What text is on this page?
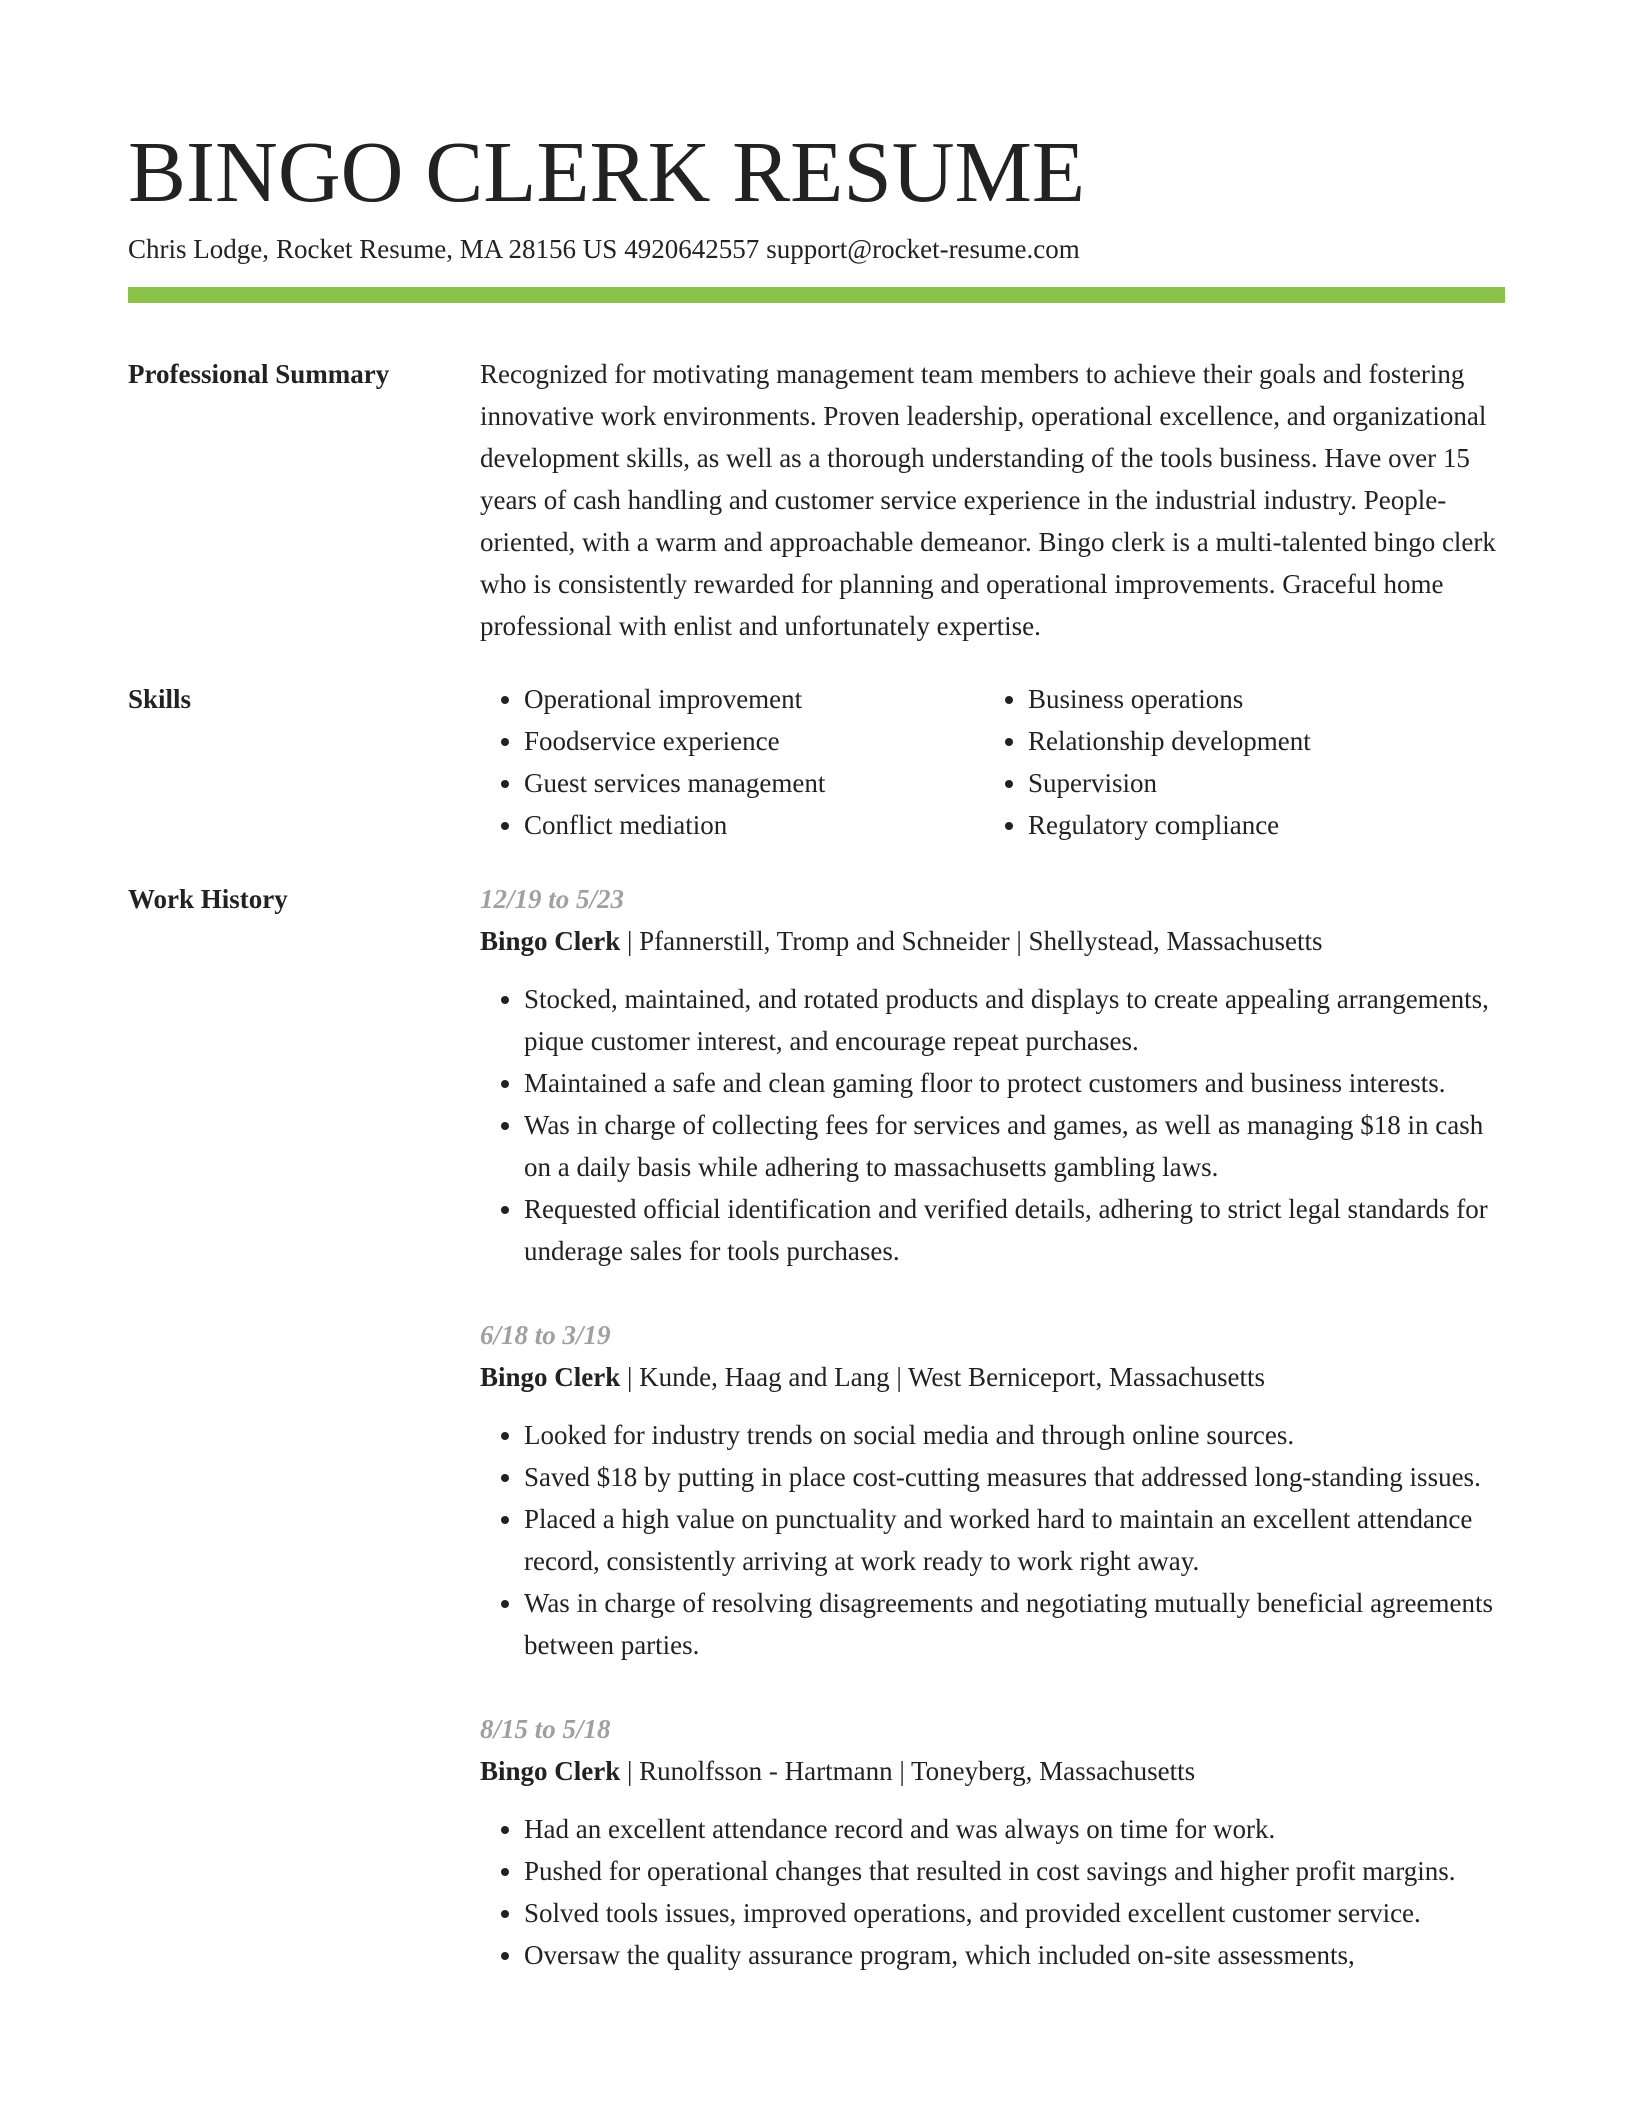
BINGO CLERK RESUME
Chris Lodge, Rocket Resume, MA 28156 US 4920642557 support@rocket-resume.com
Professional Summary	Recognized for motivating management team members to achieve their goals and fostering innovative work environments. Proven leadership, operational excellence, and organizational development skills, as well as a thorough understanding of the tools business. Have over 15 years of cash handling and customer service experience in the industrial industry. People-oriented, with a warm and approachable demeanor. Bingo clerk is a multi-talented bingo clerk who is consistently rewarded for planning and operational improvements. Graceful home professional with enlist and unfortunately expertise.

Skills
•	Operational improvement
• Foodservice experience
• Guest services management
• Conflict mediation
• Business operations
• Relationship development
• Supervision
• Regulatory compliance
Work History	12/19 to 5/23
Bingo Clerk | Pfannerstill, Tromp and Schneider | Shellystead, Massachusetts
• Stocked, maintained, and rotated products and displays to create appealing arrangements, pique customer interest, and encourage repeat purchases.
• Maintained a safe and clean gaming floor to protect customers and business interests.
• Was in charge of collecting fees for services and games, as well as managing $18 in cash on a daily basis while adhering to massachusetts gambling laws.
• Requested official identification and verified details, adhering to strict legal standards for underage sales for tools purchases.
6/18 to 3/19
Bingo Clerk | Kunde, Haag and Lang | West Berniceport, Massachusetts
• Looked for industry trends on social media and through online sources.
• Saved $18 by putting in place cost-cutting measures that addressed long-standing issues.
• Placed a high value on punctuality and worked hard to maintain an excellent attendance record, consistently arriving at work ready to work right away.
• Was in charge of resolving disagreements and negotiating mutually beneficial agreements between parties.
8/15 to 5/18
Bingo Clerk | Runolfsson - Hartmann | Toneyberg, Massachusetts
• Had an excellent attendance record and was always on time for work.
• Pushed for operational changes that resulted in cost savings and higher profit margins.
• Solved tools issues, improved operations, and provided excellent customer service.
• Oversaw the quality assurance program, which included on-site assessments,
